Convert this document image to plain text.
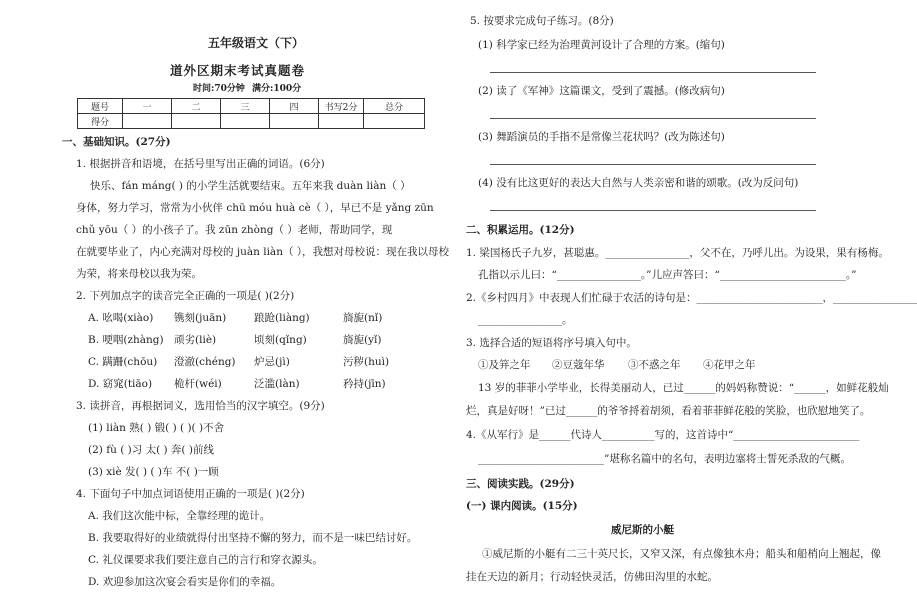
五年级语文（下）
道外区期末考试真题卷
时间:70分钟 满分:100分
题号	一	二	三	四	书写2分	总分
得分						
一、基础知识。(27分)
1. 根据拼音和语境，在括号里写出正确的词语。(6分)
快乐、fán máng( ) 的小学生活就要结束。五年来我 duàn liàn（ ）
身体，努力学习，常常为小伙伴 chū móu huà cè（ ），早已不是 yǎng zūn
chǔ yōu（ ）的小孩子了。我 zūn zhòng（ ）老师，帮助同学，现
在就要毕业了，内心充满对母校的 juàn liàn（ ），我想对母校说：现在我以母校
为荣，将来母校以我为荣。
2. 下列加点字的读音完全正确的一项是( )(2分)
A. 吆喝(xiào) 镌刻(juān)	踉跄(liàng)	旖旎(nǐ)
B. 哽咽(zhàng) 顽劣(liè)	顷刻(qǐng)	旖旎(yǐ)
C. 蹒跚(chōu) 澄澈(chéng) 炉忌(jì)	污秽(huì)
D. 窈窕(tiāo) 桅杆(wéi)	泛滥(làn)	矜持(jīn)
3. 读拼音，再根据词义，选用恰当的汉字填空。(9分)
(1) liàn 熟( ) 锻( ) ( )( )不舍
(2) fù ( )习 太( ) 奔( )前线
(3) xiè 发( ) ( )车 不( )一顾
4. 下面句子中加点词语使用正确的一项是( )(2分)
A. 我们这次能中标，全靠经理的诡计。
B. 我要取得好的业绩就得付出坚持不懈的努力，而不是一味巴结讨好。
C. 礼仪课要求我们要注意自己的言行和穿衣源头。
D. 欢迎参加这次宴会看实是你们的幸福。
5. 按要求完成句子练习。(8分)
(1) 科学家已经为治理黄河设计了合理的方案。(缩句)
(2) 读了《军神》这篇课文，受到了震撼。(修改病句)
(3) 舞蹈演员的手指不是常像兰花状吗？(改为陈述句)
(4) 没有比这更好的表达大自然与人类亲密和谐的颂歌。(改为反问句)
二、积累运用。(12分)
1. 梁国杨氏子九岁，甚聪惠。________________，父不在，乃呼儿出。为设果，果有杨梅。
孔指以示儿曰：“________________。”儿应声答曰：“________________________。”
2.《乡村四月》中表现人们忙碌于农活的诗句是：________________________，________________
________________。
3. 选择合适的短语将序号填入句中。
①及笄之年 ②豆蔻年华 ③不惑之年 ④花甲之年
13 岁的菲菲小学毕业，长得美丽动人，已过______的妈妈称赞说：“______，如鲜花般灿
烂，真是好呀！”已过______的爷爷捋着胡须，看着菲菲鲜花般的笑脸，也欣慰地笑了。
4.《从军行》是______代诗人__________写的，这首诗中“________________________
________________________”堪称名篇中的名句，表明边塞将士誓死杀敌的气概。
三、阅读实践。(29分)
(一) 课内阅读。(15分)
威尼斯的小艇
①威尼斯的小艇有二三十英尺长，又窄又深，有点像独木舟；船头和船梢向上翘起，像
挂在天边的新月；行动轻快灵活，仿佛田沟里的水蛇。
